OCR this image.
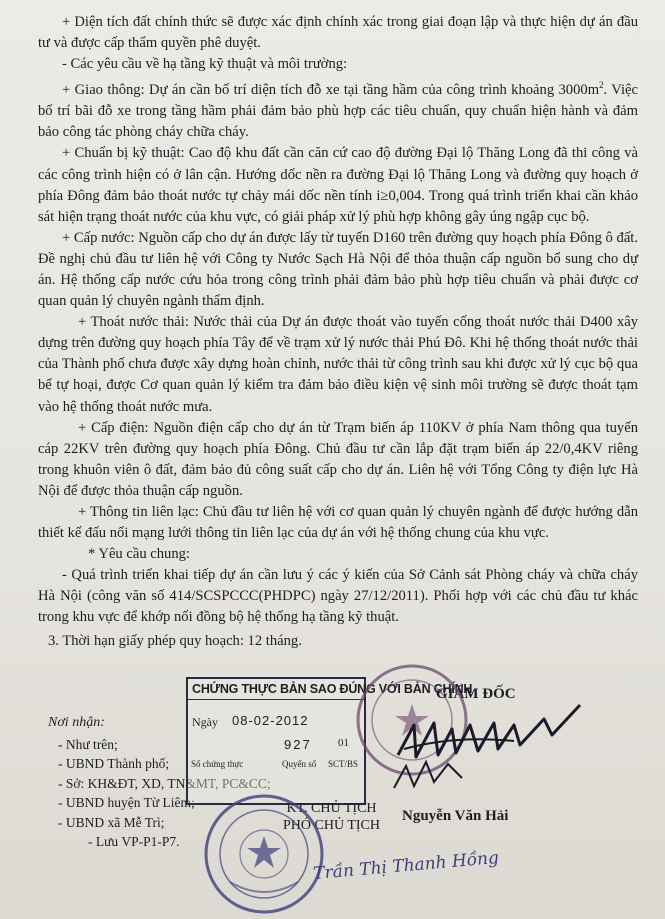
+ Diện tích đất chính thức sẽ được xác định chính xác trong giai đoạn lập và thực hiện dự án đầu tư và được cấp thẩm quyền phê duyệt.

- Các yêu cầu về hạ tầng kỹ thuật và môi trường:

+ Giao thông: Dự án cần bố trí diện tích đỗ xe tại tầng hầm của công trình khoảng $3000m^2$. Việc bố trí bãi đỗ xe trong tầng hầm phải đảm bảo phù hợp các tiêu chuẩn, quy chuẩn hiện hành và đảm bảo công tác phòng cháy chữa cháy.

+ Chuẩn bị kỹ thuật: Cao độ khu đất cần căn cứ cao độ đường Đại lộ Thăng Long đã thi công và các công trình hiện có ở lân cận. Hướng dốc nền ra đường Đại lộ Thăng Long và đường quy hoạch ở phía Đông đảm bảo thoát nước tự chảy mái dốc nền tính i≥0,004. Trong quá trình triển khai cần khảo sát hiện trạng thoát nước của khu vực, có giải pháp xử lý phù hợp không gây úng ngập cục bộ.

+ Cấp nước: Nguồn cấp cho dự án được lấy từ tuyến D160 trên đường quy hoạch phía Đông ô đất. Đề nghị chủ đầu tư liên hệ với Công ty Nước Sạch Hà Nội để thỏa thuận cấp nguồn bổ sung cho dự án. Hệ thống cấp nước cứu hỏa trong công trình phải đảm bảo phù hợp tiêu chuẩn và phải được cơ quan quản lý chuyên ngành thẩm định.

+ Thoát nước thải: Nước thải của Dự án được thoát vào tuyến cống thoát nước thải D400 xây dựng trên đường quy hoạch phía Tây để về trạm xử lý nước thải Phú Đô. Khi hệ thống thoát nước thải của Thành phố chưa được xây dựng hoàn chỉnh, nước thải từ công trình sau khi được xử lý cục bộ qua bể tự hoại, được Cơ quan quản lý kiểm tra đảm bảo điều kiện vệ sinh môi trường sẽ được thoát tạm vào hệ thống thoát nước mưa.

+ Cấp điện: Nguồn điện cấp cho dự án từ Trạm biến áp 110KV ở phía Nam thông qua tuyến cáp 22KV trên đường quy hoạch phía Đông. Chủ đầu tư cần lắp đặt trạm biến áp 22/0,4KV riêng trong khuôn viên ô đất, đảm bảo đủ công suất cấp cho dự án. Liên hệ với Tổng Công ty điện lực Hà Nội để được thỏa thuận cấp nguồn.

+ Thông tin liên lạc: Chủ đầu tư liên hệ với cơ quan quản lý chuyên ngành để được hướng dẫn thiết kế đấu nối mạng lưới thông tin liên lạc của dự án với hệ thống chung của khu vực.

* Yêu cầu chung:

- Quá trình triển khai tiếp dự án cần lưu ý các ý kiến của Sở Cảnh sát Phòng cháy và chữa cháy Hà Nội (công văn số 414/SCSPCCC(PHDPC) ngày 27/12/2011). Phối hợp với các chủ đầu tư khác trong khu vực để khớp nối đồng bộ hệ thống hạ tầng kỹ thuật.

3. Thời hạn giấy phép quy hoạch: 12 tháng.

Nơi nhận:
- Như trên;
- UBND Thành phố;
- Sở: KH&ĐT, XD, TN&MT, PC&CC;
- UBND huyện Từ Liêm;
- UBND xã Mễ Trì;
- Lưu VP-P1-P7.
CHỨNG THỰC BẢN SAO ĐÚNG VỚI BẢN CHÍNH
Ngày 08-02-2012
927
Số chứng thực	Quyển số SCT/BS
01
GIÁM ĐỐC
KT. CHỦ TỊCH
PHÓ CHỦ TỊCH
Nguyễn Văn Hải
Trần Thị Thanh Hồng
